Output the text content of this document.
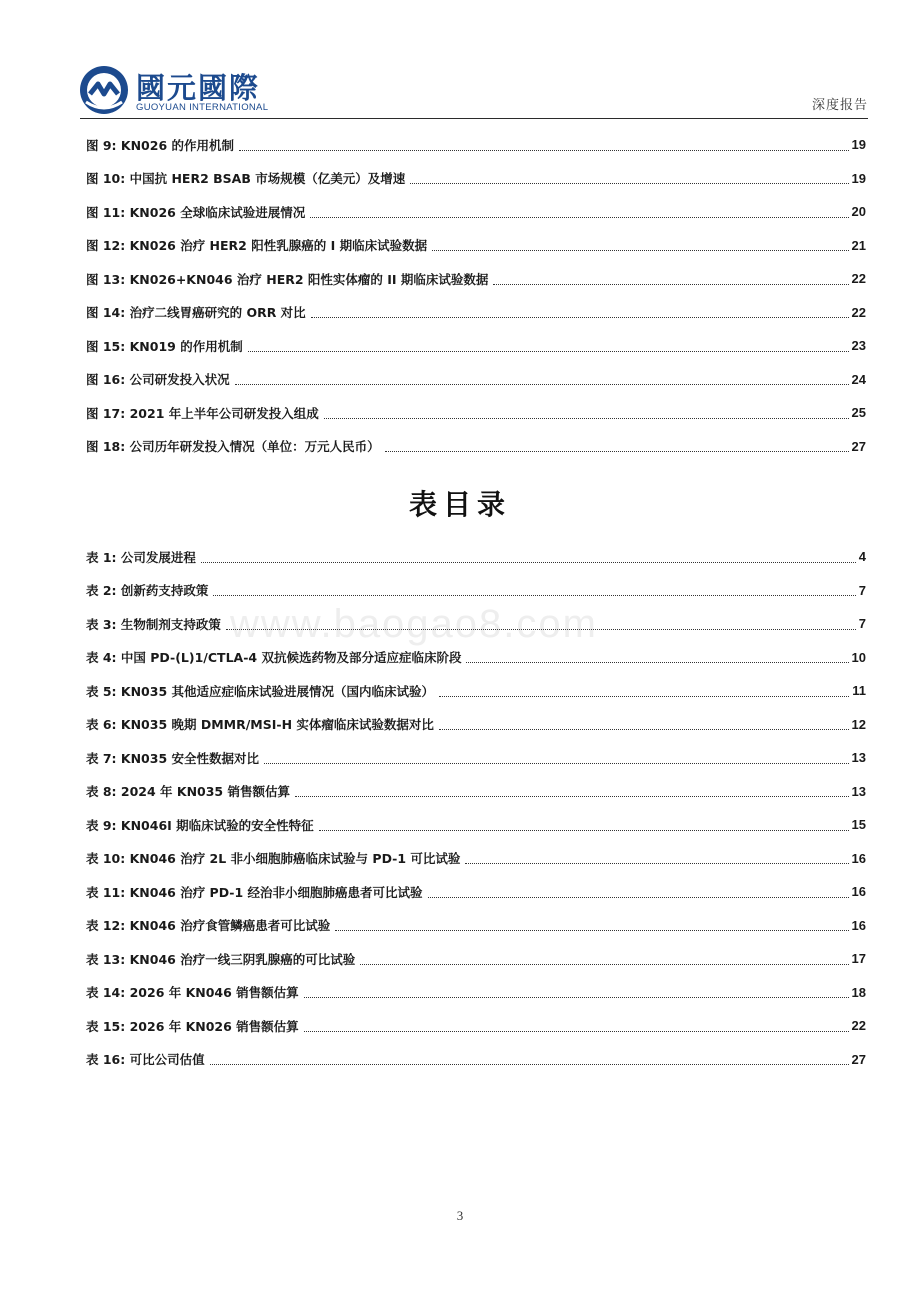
國元國際
GUOYUAN INTERNATIONAL	深度报告
图 9: KN026 的作用机制	19
图 10: 中国抗 HER2 BSAB 市场规模（亿美元）及增速	19
图 11: KN026 全球临床试验进展情况	20
图 12: KN026 治疗 HER2 阳性乳腺癌的 I 期临床试验数据	21
图 13: KN026+KN046 治疗 HER2 阳性实体瘤的 II 期临床试验数据	22
图 14: 治疗二线胃癌研究的 ORR 对比	22
图 15: KN019 的作用机制	23
图 16: 公司研发投入状况	24
图 17: 2021 年上半年公司研发投入组成	25
图 18: 公司历年研发投入情况（单位：万元人民币）	27
表目录
表 1: 公司发展进程	4
表 2: 创新药支持政策	7
表 3: 生物制剂支持政策	7
表 4: 中国 PD-(L)1/CTLA-4 双抗候选药物及部分适应症临床阶段	10
表 5: KN035 其他适应症临床试验进展情况（国内临床试验）	11
表 6: KN035 晚期 DMMR/MSI-H 实体瘤临床试验数据对比	12
表 7: KN035 安全性数据对比	13
表 8: 2024 年 KN035 销售额估算	13
表 9: KN046I 期临床试验的安全性特征	15
表 10: KN046 治疗 2L 非小细胞肺癌临床试验与 PD-1 可比试验	16
表 11: KN046 治疗 PD-1 经治非小细胞肺癌患者可比试验	16
表 12: KN046 治疗食管鳞癌患者可比试验	16
表 13: KN046 治疗一线三阴乳腺癌的可比试验	17
表 14: 2026 年 KN046 销售额估算	18
表 15: 2026 年 KN026 销售额估算	22
表 16: 可比公司估值	27
www.baogao8.com
3
